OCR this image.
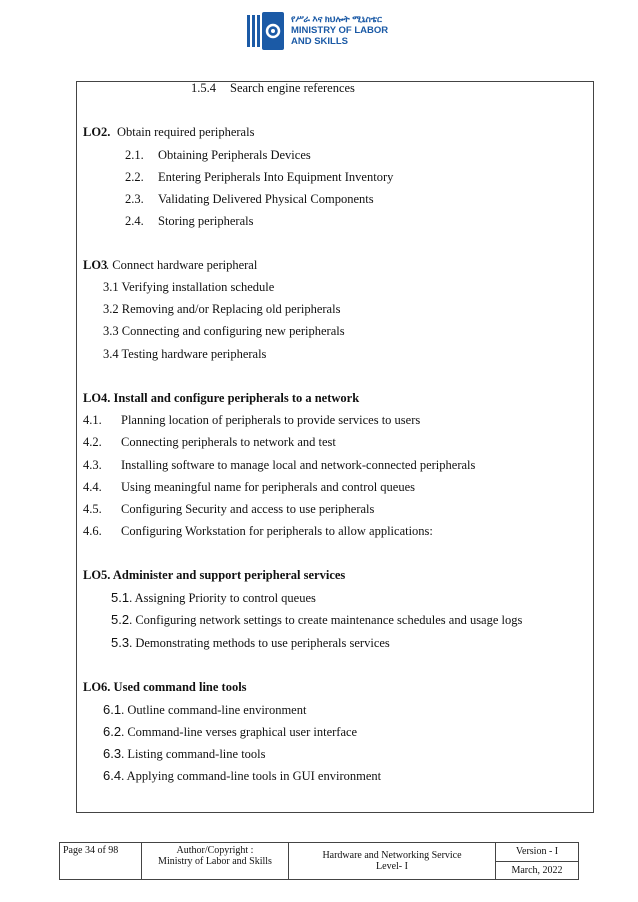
የሥራ እና ክህሎት ሚኒስቴር
MINISTRY OF LABOR
AND SKILLS
1.5.4 Search engine references
LO2. Obtain required peripherals
2.1. Obtaining Peripherals Devices
2.2. Entering Peripherals Into Equipment Inventory
2.3. Validating Delivered Physical Components
2.4. Storing peripherals
LO3
. Connect hardware peripheral
3.1 Verifying installation schedule
3.2 Removing and/or Replacing old peripherals
3.3 Connecting and configuring new peripherals
3.4 Testing hardware peripherals
LO4. Install and configure peripherals to a network
4.1. Planning location of peripherals to provide services to users
4.2. Connecting peripherals to network and test
4.3. Installing software to manage local and network-connected peripherals
4.4. Using meaningful name for peripherals and control queues
4.5. Configuring Security and access to use peripherals
4.6. Configuring Workstation for peripherals to allow applications:
LO5. Administer and support peripheral services
5.1. Assigning Priority to control queues
5.2. Configuring network settings to create maintenance schedules and usage logs
5.3. Demonstrating methods to use peripherals services
LO6. Used command line tools
6.1. Outline command-line environment
6.2. Command-line verses graphical user interface
6.3. Listing command-line tools
6.4. Applying command-line tools in GUI environment
Page 34 of 98	Author/Copyright :
Ministry of Labor and Skills

Hardware and Networking Service
Level- I
	Version - I
March, 2022
